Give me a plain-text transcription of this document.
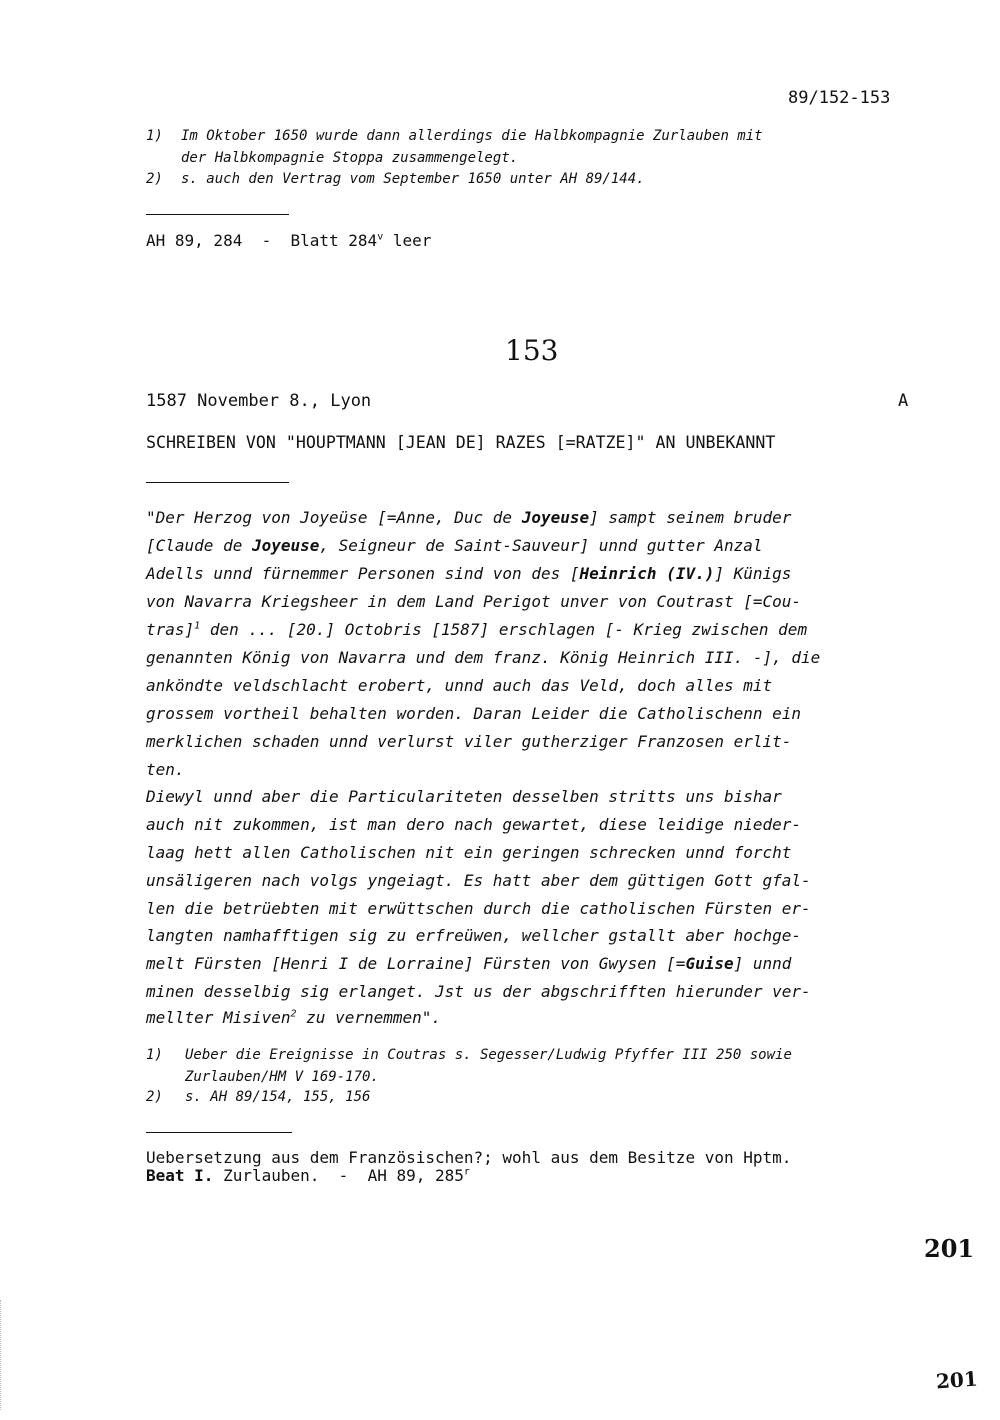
89/152-153
1) Im Oktober 1650 wurde dann allerdings die Halbkompagnie Zurlauben mit
der Halbkompagnie Stoppa zusammengelegt.
2) s. auch den Vertrag vom September 1650 unter AH 89/144.
AH 89, 284  -  Blatt 284$^v$ leer
153
1587 November 8., Lyon	A
SCHREIBEN VON "HOUPTMANN [JEAN DE] RAZES [=RATZE]" AN UNBEKANNT
"Der Herzog von Joyeüse [=Anne, Duc de Joyeuse] sampt seinem bruder
[Claude de Joyeuse, Seigneur de Saint-Sauveur] unnd gutter Anzal
Adells unnd fürnemmer Personen sind von des [Heinrich (IV.)] Künigs
von Navarra Kriegsheer in dem Land Perigot unver von Coutrast [=Cou-
tras]$^1$ den ... [20.] Octobris [1587] erschlagen [- Krieg zwischen dem
genannten König von Navarra und dem franz. König Heinrich III. -], die
anköndte veldschlacht erobert, unnd auch das Veld, doch alles mit
grossem vortheil behalten worden. Daran Leider die Catholischenn ein
merklichen schaden unnd verlurst viler gutherziger Franzosen erlit-
ten.
Diewyl unnd aber die Particulariteten desselben stritts uns bishar
auch nit zukommen, ist man dero nach gewartet, diese leidige nieder-
laag hett allen Catholischen nit ein geringen schrecken unnd forcht
unsäligeren nach volgs yngeiagt. Es hatt aber dem güttigen Gott gfal-
len die betrüebten mit erwüttschen durch die catholischen Fürsten er-
langten namhafftigen sig zu erfreüwen, wellcher gstallt aber hochge-
melt Fürsten [Henri I de Lorraine] Fürsten von Gwysen [=Guise] unnd
minen desselbig sig erlanget. Jst us der abgschrifften hierunder ver-
mellter Misiven$^2$ zu vernemmen".
1) Ueber die Ereignisse in Coutras s. Segesser/Ludwig Pfyffer III 250 sowie
Zurlauben/HM V 169-170.
2) s. AH 89/154, 155, 156
Uebersetzung aus dem Französischen?; wohl aus dem Besitze von Hptm.
Beat I. Zurlauben.  -  AH 89, 285$^r$
201
201
